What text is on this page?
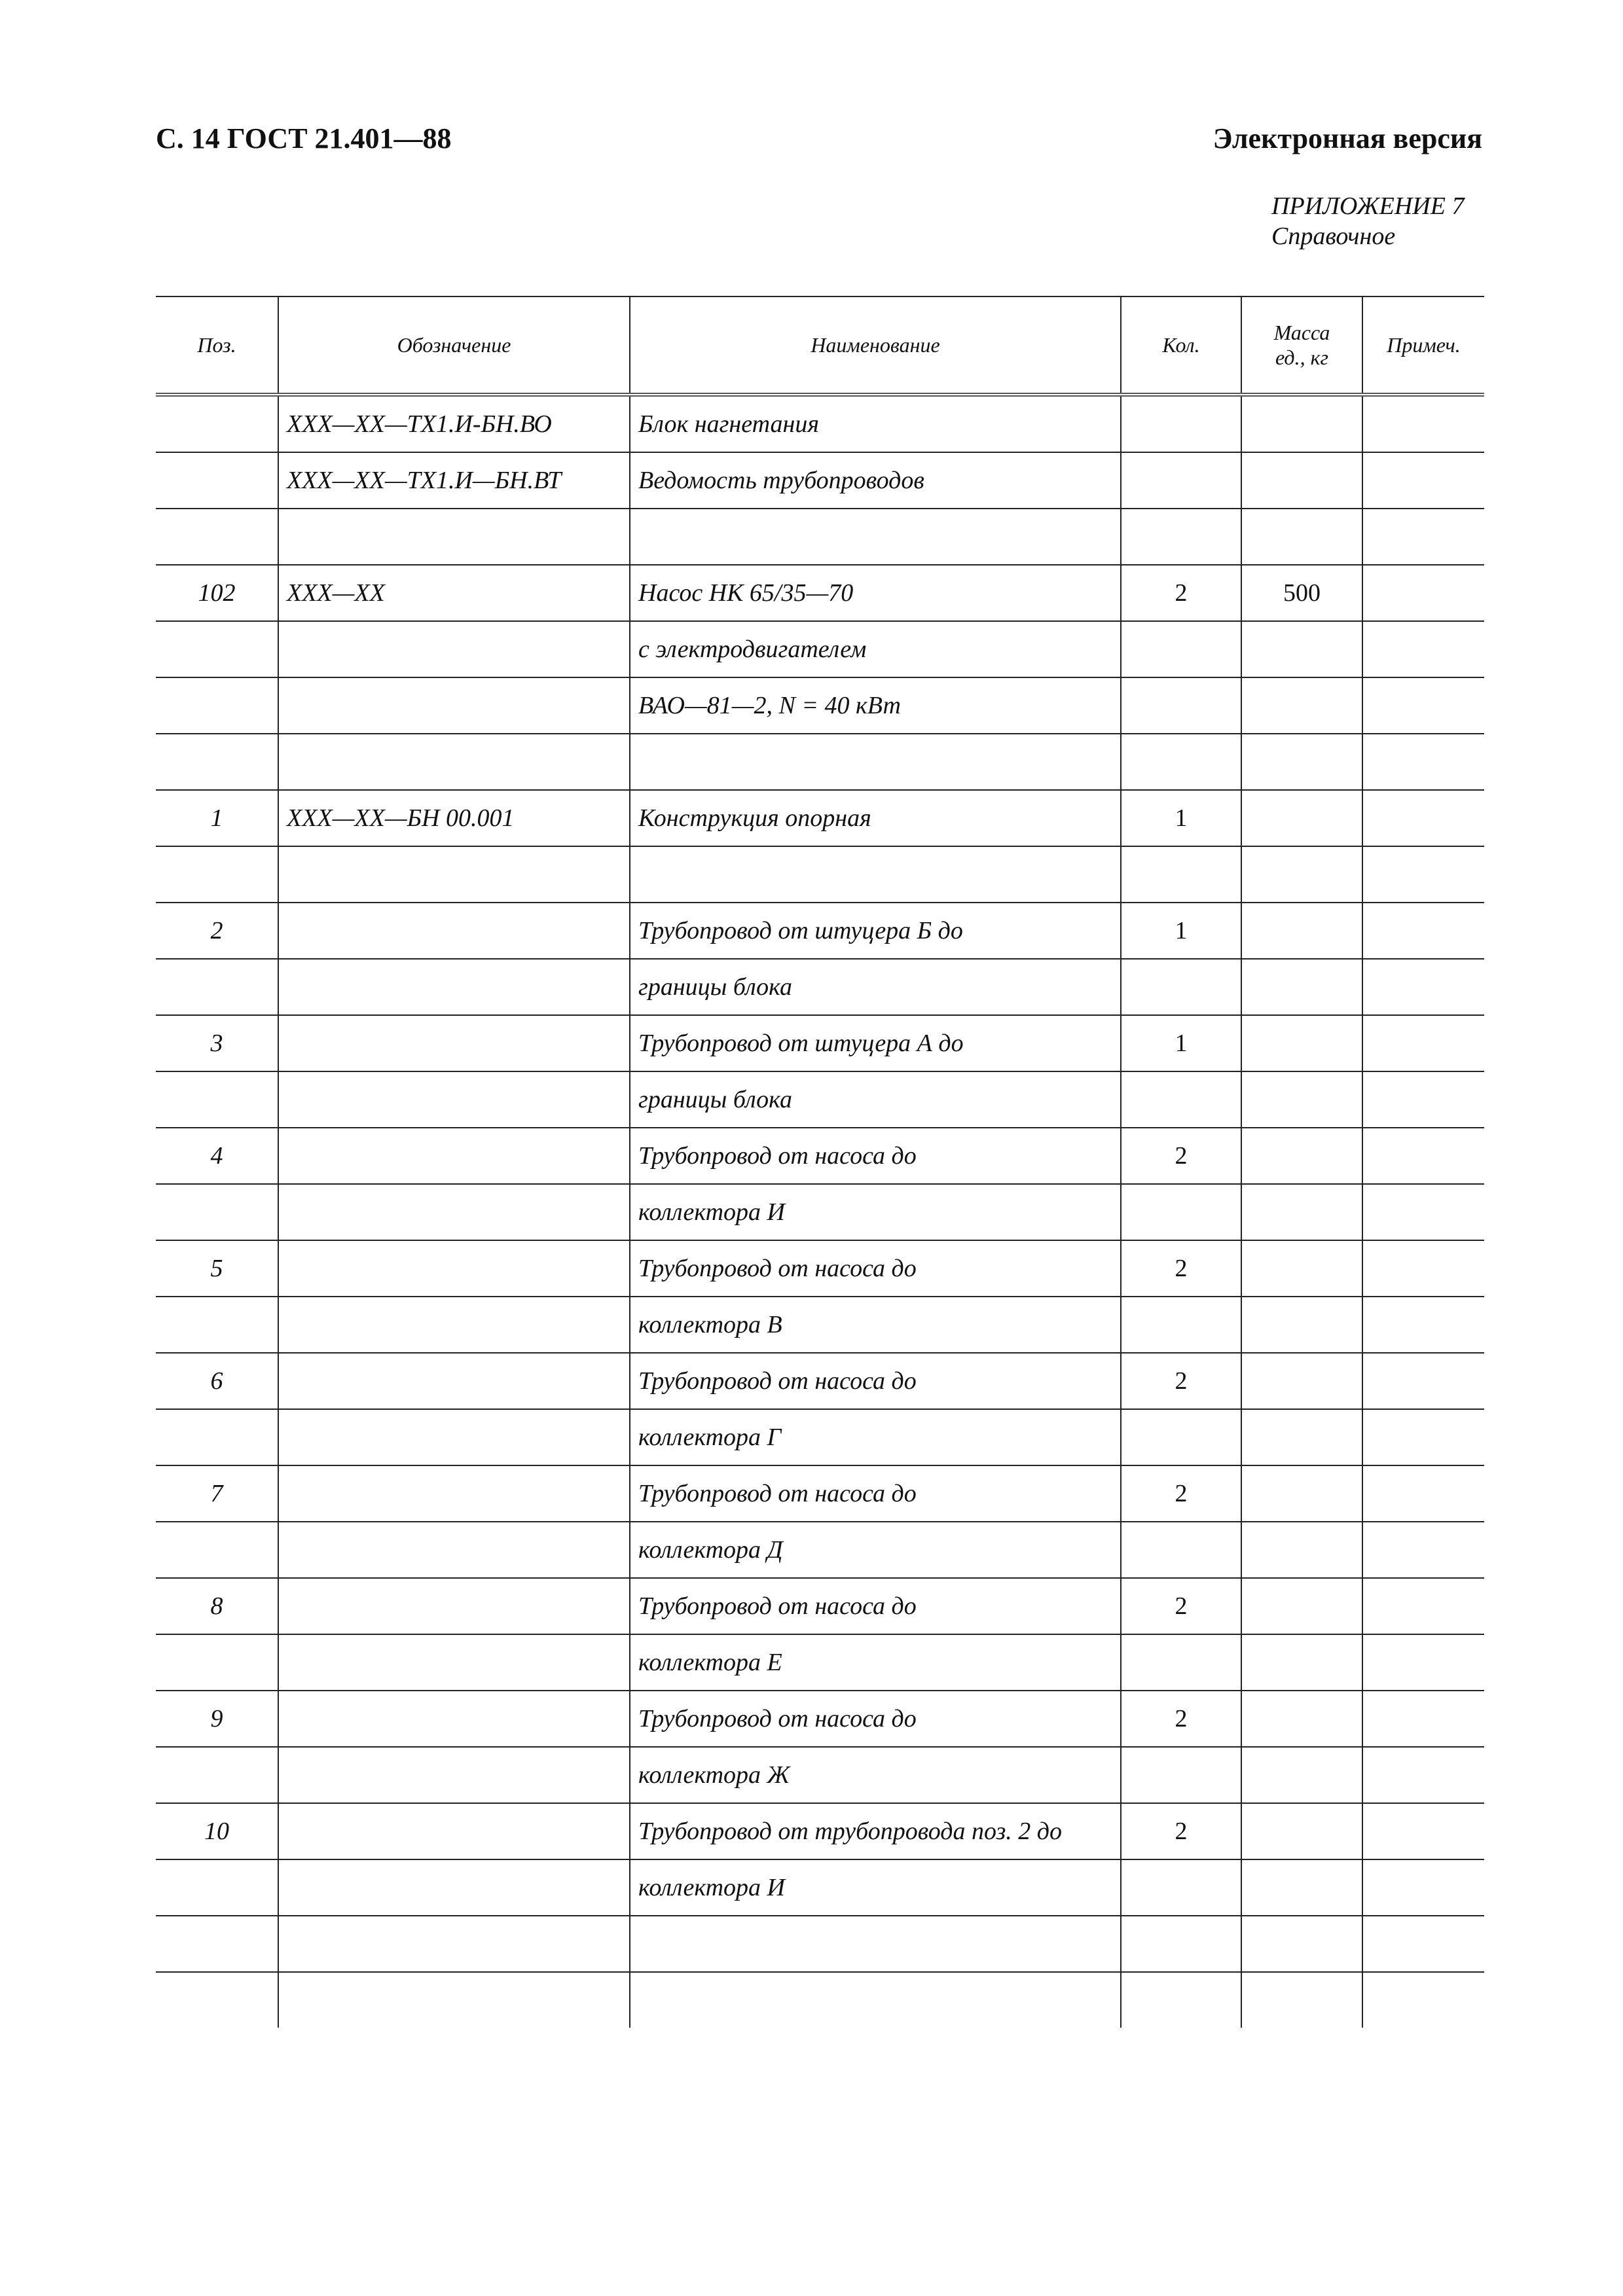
С. 14 ГОСТ 21.401—88	Электронная версия
ПРИЛОЖЕНИЕ 7
Справочное
Поз.	Обозначение	Наименование	Кол.	Масса ед., кг	Примеч.
	ХХХ—ХХ—ТХ1.И-БН.ВО	Блок нагнетания			
	ХХХ—ХХ—ТХ1.И—БН.ВТ	Ведомость трубопроводов			

102	ХХХ—ХХ	Насос НК 65/35—70	2	500	
		с электродвигателем			
		ВАО—81—2, N = 40 кВт			

1	ХХХ—ХХ—БН 00.001	Конструкция опорная	1		

2		Трубопровод от штуцера Б до	1		
		границы блока			
3		Трубопровод от штуцера А до	1		
		границы блока			
4		Трубопровод от насоса до	2		
		коллектора И			
5		Трубопровод от насоса до	2		
		коллектора В			
6		Трубопровод от насоса до	2		
		коллектора Г			
7		Трубопровод от насоса до	2		
		коллектора Д			
8		Трубопровод от насоса до	2		
		коллектора Е			
9		Трубопровод от насоса до	2		
		коллектора Ж			
10		Трубопровод от трубопровода поз. 2 до	2		
		коллектора И			
